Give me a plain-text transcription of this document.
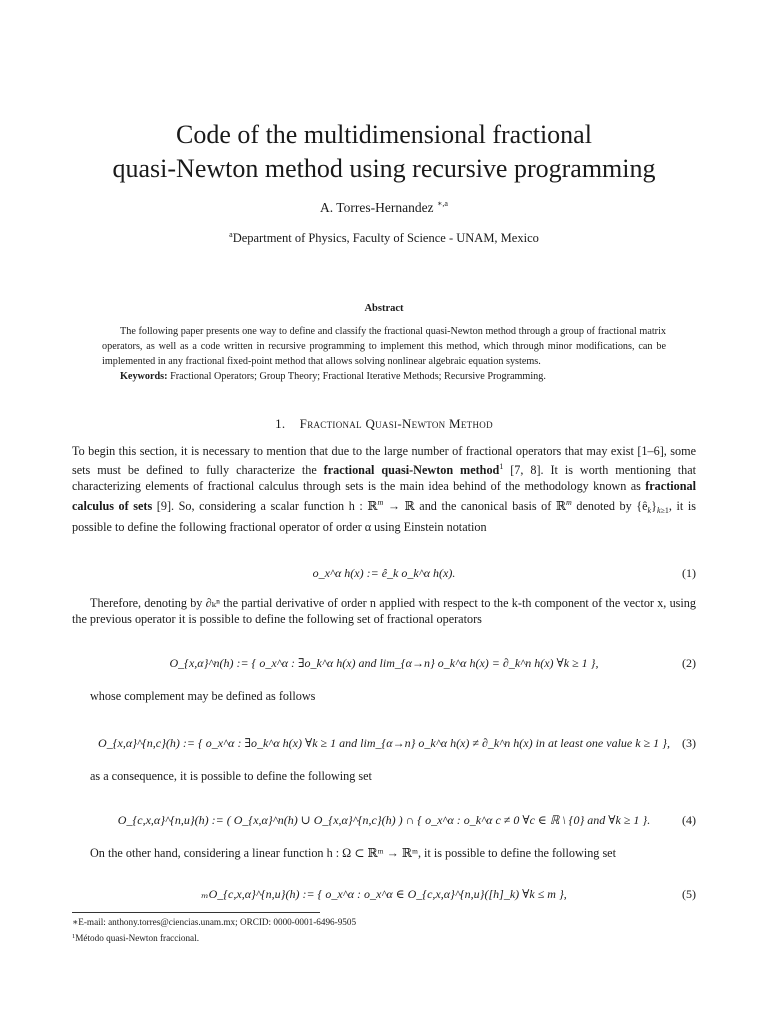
Code of the multidimensional fractional
quasi-Newton method using recursive programming
A. Torres-Hernandez $^{∗,a}$
$^a$Department of Physics, Faculty of Science - UNAM, Mexico
Abstract

The following paper presents one way to define and classify the fractional quasi-Newton method through a group of fractional matrix operators, as well as a code written in recursive programming to implement this method, which through minor modifications, can be implemented in any fractional fixed-point method that allows solving nonlinear algebraic equation systems.

Keywords: Fractional Operators; Group Theory; Fractional Iterative Methods; Recursive Programming.

1. Fractional Quasi-Newton Method

To begin this section, it is necessary to mention that due to the large number of fractional operators that may exist [1–6], some sets must be defined to fully characterize the fractional quasi-Newton method$^1$ [7, 8]. It is worth mentioning that characterizing elements of fractional calculus through sets is the main idea behind of the methodology known as fractional calculus of sets [9]. So, considering a scalar function h : ℝ$^m$ → ℝ and the canonical basis of ℝ$^m$ denoted by $\{ê_k\}_{k\ge 1}$, it is possible to define the following fractional operator of order α using Einstein notation

o_x^α h(x) := ê_k o_k^α h(x).	(1)

Therefore, denoting by ∂ₖⁿ the partial derivative of order n applied with respect to the k-th component of the vector x, using the previous operator it is possible to define the following set of fractional operators

O_{x,α}^n(h) := { o_x^α : ∃o_k^α h(x) and lim_{α→n} o_k^α h(x) = ∂_k^n h(x) ∀k ≥ 1 },	(2)

whose complement may be defined as follows

O_{x,α}^{n,c}(h) := { o_x^α : ∃o_k^α h(x) ∀k ≥ 1 and lim_{α→n} o_k^α h(x) ≠ ∂_k^n h(x) in at least one value k ≥ 1 },	(3)

as a consequence, it is possible to define the following set

O_{c,x,α}^{n,u}(h) := ( O_{x,α}^n(h) ∪ O_{x,α}^{n,c}(h) ) ∩ { o_x^α : o_k^α c ≠ 0 ∀c ∈ ℝ \ {0} and ∀k ≥ 1 }.	(4)

On the other hand, considering a linear function h : Ω ⊂ ℝᵐ → ℝᵐ, it is possible to define the following set

ₘO_{c,x,α}^{n,u}(h) := { o_x^α : o_x^α ∈ O_{c,x,α}^{n,u}([h]_k) ∀k ≤ m },	(5)
∗E-mail: anthony.torres@ciencias.unam.mx; ORCID: 0000-0001-6496-9505
$^1$Método quasi-Newton fraccional.
